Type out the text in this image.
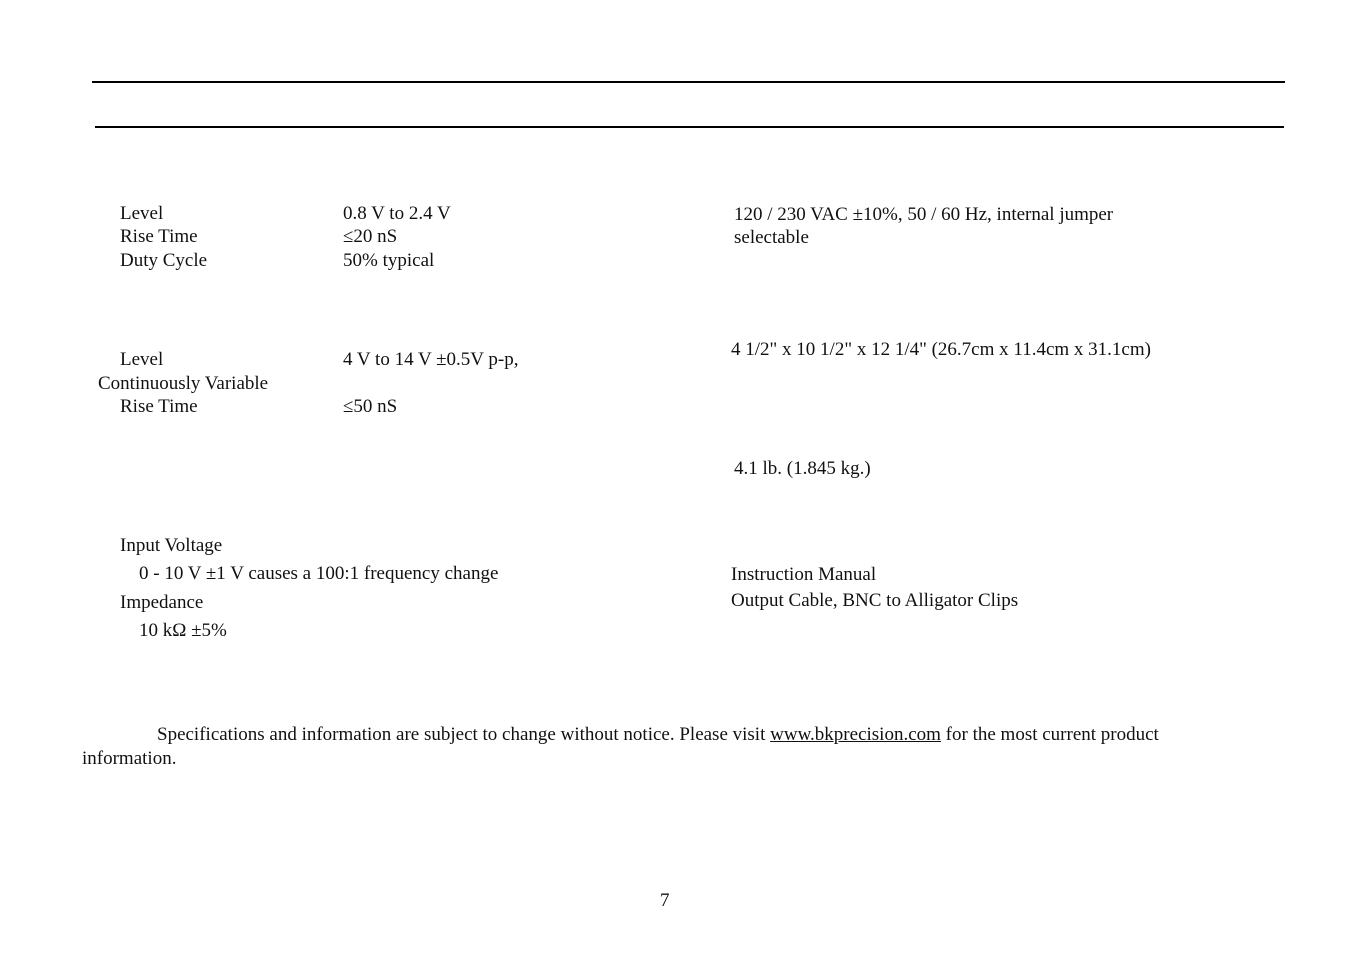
Level	0.8 V to 2.4 V
Rise Time	≤20 nS
Duty Cycle	50% typical
Level	4 V to 14 V ±0.5V p-p,
Continuously Variable
Rise Time	≤50 nS
Input Voltage
0 - 10 V ±1 V causes a 100:1 frequency change
Impedance
10 kΩ ±5%
120 / 230 VAC ±10%, 50 / 60 Hz, internal jumper
selectable
4 1/2" x 10 1/2" x 12 1/4" (26.7cm x 11.4cm x 31.1cm)
4.1 lb. (1.845 kg.)
Instruction Manual
Output Cable, BNC to Alligator Clips
Specifications and information are subject to change without notice. Please visit www.bkprecision.com for the most current product
information.
7
